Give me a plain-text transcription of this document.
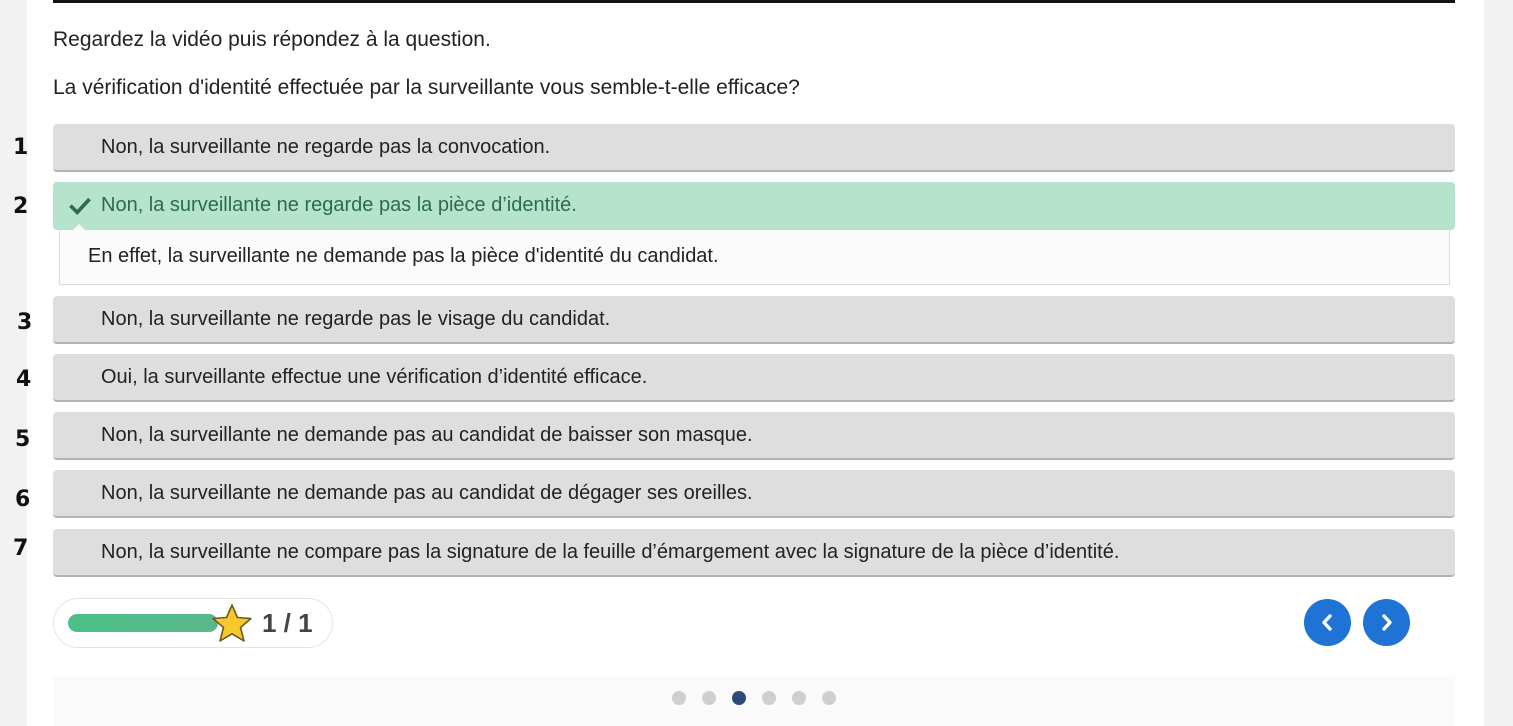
Regardez la vidéo puis répondez à la question.
La vérification d'identité effectuée par la surveillante vous semble-t-elle efficace?
1
2
3
4
5
6
7
Non, la surveillante ne regarde pas la convocation.
Non, la surveillante ne regarde pas la pièce d’identité.
En effet, la surveillante ne demande pas la pièce d'identité du candidat.
Non, la surveillante ne regarde pas le visage du candidat.
Oui, la surveillante effectue une vérification d’identité efficace.
Non, la surveillante ne demande pas au candidat de baisser son masque.
Non, la surveillante ne demande pas au candidat de dégager ses oreilles.
Non, la surveillante ne compare pas la signature de la feuille d’émargement avec la signature de la pièce d’identité.
1 / 1
